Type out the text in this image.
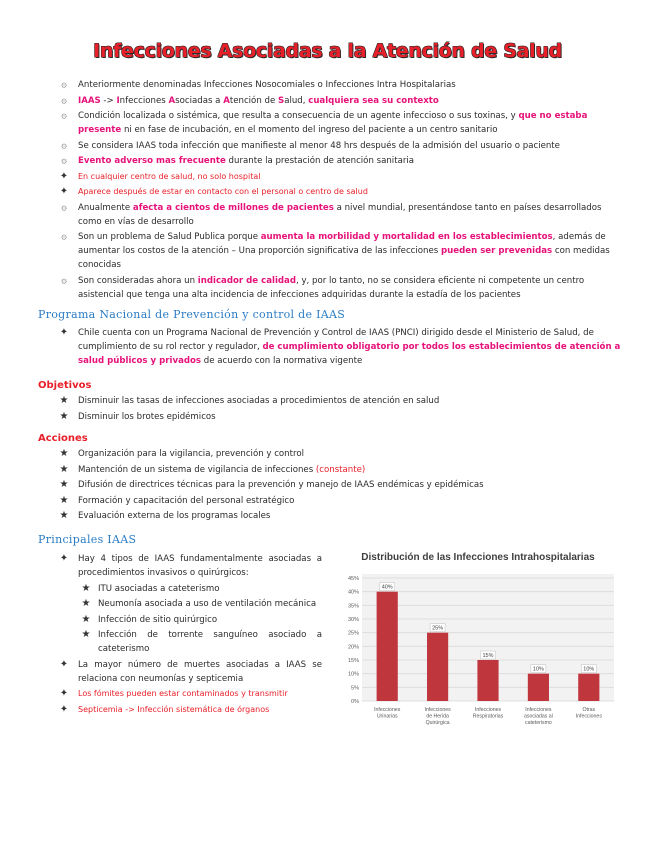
Infecciones Asociadas a la Atención de Salud
۞	Anteriormente denominadas Infecciones Nosocomiales o Infecciones Intra Hospitalarias
۞	IAAS -> Infecciones Asociadas a Atención de Salud, cualquiera sea su contexto
۞	Condición localizada o sistémica, que resulta a consecuencia de un agente infeccioso o sus toxinas, y que no estaba presente ni en fase de incubación, en el momento del ingreso del paciente a un centro sanitario
۞	Se considera IAAS toda infección que manifieste al menor 48 hrs después de la admisión del usuario o paciente
۞	Evento adverso mas frecuente durante la prestación de atención sanitaria
✦ En cualquier centro de salud, no solo hospital
✦ Aparece después de estar en contacto con el personal o centro de salud
۞	Anualmente afecta a cientos de millones de pacientes a nivel mundial, presentándose tanto en países desarrollados como en vías de desarrollo
۞	Son un problema de Salud Publica porque aumenta la morbilidad y mortalidad en los establecimientos, además de aumentar los costos de la atención – Una proporción significativa de las infecciones pueden ser prevenidas con medidas conocidas
۞	Son consideradas ahora un indicador de calidad, y, por lo tanto, no se considera eficiente ni competente un centro asistencial que tenga una alta incidencia de infecciones adquiridas durante la estadía de los pacientes
Programa Nacional de Prevención y control de IAAS
✦ Chile cuenta con un Programa Nacional de Prevención y Control de IAAS (PNCI) dirigido desde el Ministerio de Salud, de cumplimiento de su rol rector y regulador, de cumplimiento obligatorio por todos los establecimientos de atención a salud públicos y privados de acuerdo con la normativa vigente
Objetivos
★ Disminuir las tasas de infecciones asociadas a procedimientos de atención en salud
★ Disminuir los brotes epidémicos
Acciones
★ Organización para la vigilancia, prevención y control
★ Mantención de un sistema de vigilancia de infecciones (constante)
★ Difusión de directrices técnicas para la prevención y manejo de IAAS endémicas y epidémicas
★ Formación y capacitación del personal estratégico
★ Evaluación externa de los programas locales
Principales IAAS
✦ Hay 4 tipos de IAAS fundamentalmente asociadas a procedimientos invasivos o quirúrgicos:
★ ITU asociadas a cateterismo
★ Neumonía asociada a uso de ventilación mecánica
★ Infección de sitio quirúrgico
★ Infección de torrente sanguíneo asociado a cateterismo
✦ La mayor número de muertes asociadas a IAAS se relaciona con neumonías y septicemia
✦ Los fómites pueden estar contaminados y transmitir
✦ Septicemia -> Infección sistemática de órganos
Distribución de las Infecciones Intrahospitalarias
0%
5%
10%
15%
20%
25%
30%
35%
40%
45%
40%
Infecciones Urinarias
25%
Infecciones de Herida Quirúrgica
15%
Infecciones Respiratorias
10%
Infecciones asociadas al cateterismo
10%
Otras Infecciones
